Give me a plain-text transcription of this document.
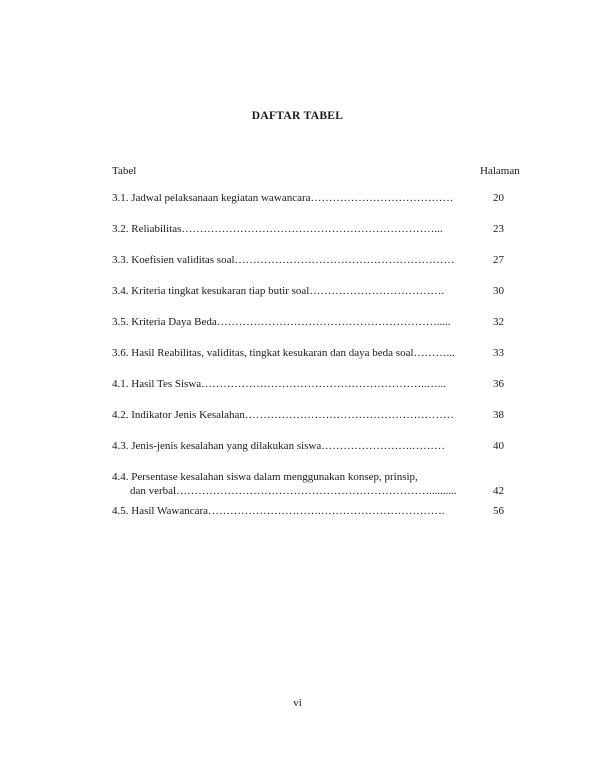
DAFTAR TABEL
Tabel	Halaman
3.1. Jadwal pelaksanaan kegiatan wawancara…………………………………	20
3.2. Reliabilitas……………………………………………………………...	23
3.3. Koefisien validitas soal……………………………………………………	27
3.4. Kriteria tingkat kesukaran tiap butir soal……………………………….	30
3.5. Kriteria Daya Beda…………………………………………………….....	32
3.6. Hasil Reabilitas, validitas, tingkat kesukaran dan daya beda soal………...	33
4.1. Hasil Tes Siswa……………………………………………………..…...	36
4.2. Indikator Jenis Kesalahan…………………………………………………	38
4.3. Jenis-jenis kesalahan yang dilakukan siswa…………………….………	40
4.4. Persentase kesalahan siswa dalam menggunakan konsep, prinsip,
dan verbal……………………………………………………………..........	42
4.5. Hasil Wawancara………………………….…………………………….	56
vi
